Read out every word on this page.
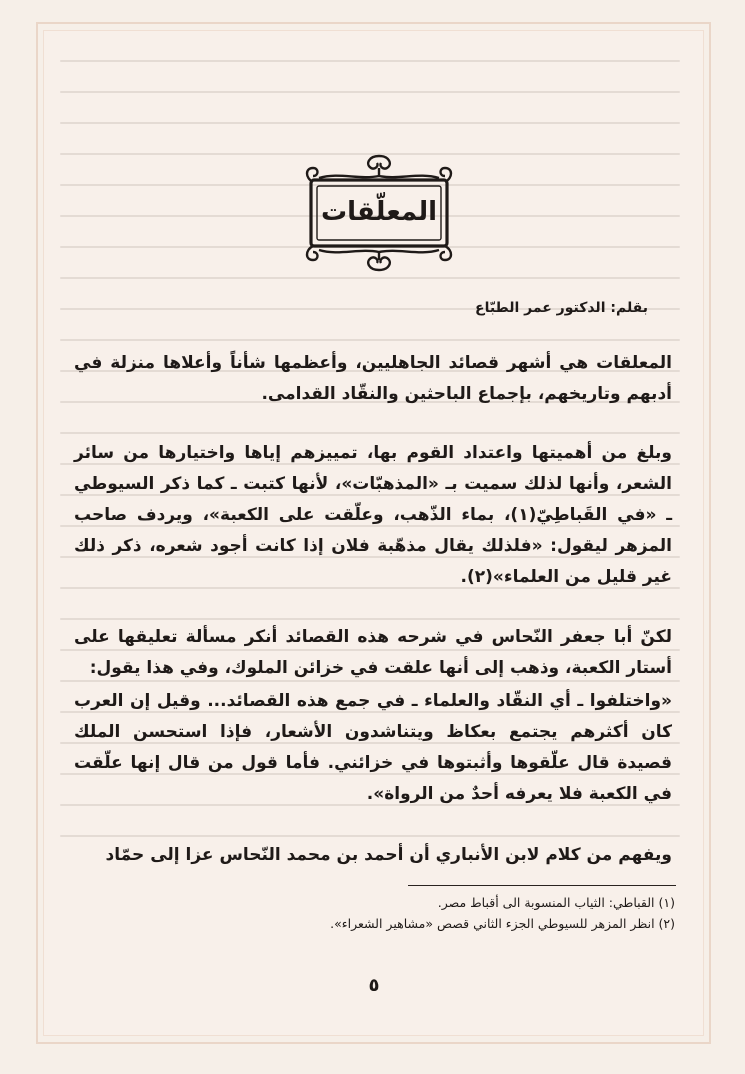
المعلّقات
بقلم: الدكتور عمر الطبّاع

المعلقات هي أشهر قصائد الجاهليين، وأعظمها شأناً وأعلاها منزلة في أدبهم وتاريخهم، بإجماع الباحثين والنقّاد القدامى.

وبلغ من أهميتها واعتداد القوم بها، تمييزهم إياها واختيارها من سائر الشعر، وأنها لذلك سميت بـ «المذهبّات»، لأنها كتبت ـ كما ذكر السيوطي ـ «في القَباطِيّ(١)، بماء الذّهب، وعلّقت على الكعبة»، ويردف صاحب المزهر ليقول: «فلذلك يقال مذهّبة فلان إذا كانت أجود شعره، ذكر ذلك غير قليل من العلماء»(٢).

لكنّ أبا جعفر النّحاس في شرحه هذه القصائد أنكر مسألة تعليقها على أستار الكعبة، وذهب إلى أنها علقت في خزائن الملوك، وفي هذا يقول:

«واختلفوا ـ أي النقّاد والعلماء ـ في جمع هذه القصائد... وقيل إن العرب كان أكثرهم يجتمع بعكاظ ويتناشدون الأشعار، فإذا استحسن الملك قصيدة قال علّقوها وأثبتوها في خزائني. فأما قول من قال إنها علّقت في الكعبة فلا يعرفه أحدٌ من الرواة».

ويفهم من كلام لابن الأنباري أن أحمد بن محمد النّحاس عزا إلى حمّاد

(١) القباطي: الثياب المنسوبة الى أقباط مصر.
(٢) انظر المزهر للسيوطي الجزء الثاني قصص «مشاهير الشعراء».
٥
